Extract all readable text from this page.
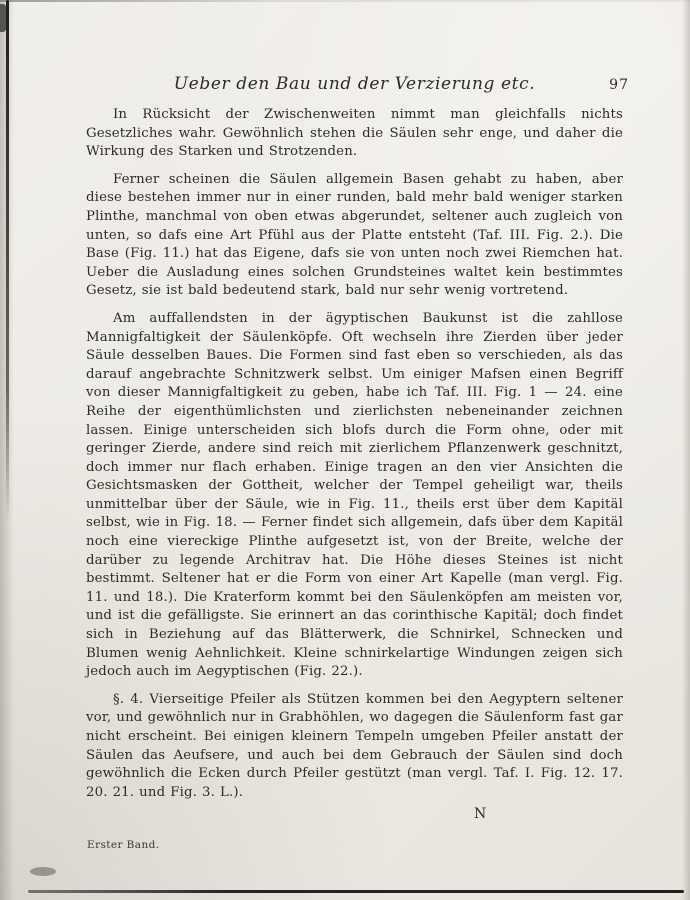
Ueber den Bau und der Verzierung etc.	97

In Rücksicht der Zwischenweiten nimmt man gleichfalls nichts Gesetzliches wahr. Gewöhnlich stehen die Säulen sehr enge, und daher die Wirkung des Starken und Strotzenden.

Ferner scheinen die Säulen allgemein Basen gehabt zu haben, aber diese bestehen immer nur in einer runden, bald mehr bald weniger starken Plinthe, manchmal von oben etwas abgerundet, seltener auch zugleich von unten, so dafs eine Art Pfühl aus der Platte entsteht (Taf. III. Fig. 2.). Die Base (Fig. 11.) hat das Eigene, dafs sie von unten noch zwei Riemchen hat. Ueber die Ausladung eines solchen Grundsteines waltet kein bestimmtes Gesetz, sie ist bald bedeutend stark, bald nur sehr wenig vortretend.

Am auffallendsten in der ägyptischen Baukunst ist die zahllose Mannigfaltigkeit der Säulenköpfe. Oft wechseln ihre Zierden über jeder Säule desselben Baues. Die Formen sind fast eben so verschieden, als das darauf angebrachte Schnitzwerk selbst. Um einiger Mafsen einen Begriff von dieser Mannigfaltigkeit zu geben, habe ich Taf. III. Fig. 1 — 24. eine Reihe der eigenthümlichsten und zierlichsten nebeneinander zeichnen lassen. Einige unterscheiden sich blofs durch die Form ohne, oder mit geringer Zierde, andere sind reich mit zierlichem Pflanzenwerk geschnitzt, doch immer nur flach erhaben. Einige tragen an den vier Ansichten die Gesichtsmasken der Gottheit, welcher der Tempel geheiligt war, theils unmittelbar über der Säule, wie in Fig. 11., theils erst über dem Kapitäl selbst, wie in Fig. 18. — Ferner findet sich allgemein, dafs über dem Kapitäl noch eine viereckige Plinthe aufgesetzt ist, von der Breite, welche der darüber zu legende Architrav hat. Die Höhe dieses Steines ist nicht bestimmt. Seltener hat er die Form von einer Art Kapelle (man vergl. Fig. 11. und 18.). Die Kraterform kommt bei den Säulenköpfen am meisten vor, und ist die gefälligste. Sie erinnert an das corinthische Kapitäl; doch findet sich in Beziehung auf das Blätterwerk, die Schnirkel, Schnecken und Blumen wenig Aehnlichkeit. Kleine schnirkelartige Windungen zeigen sich jedoch auch im Aegyptischen (Fig. 22.).

§. 4. Vierseitige Pfeiler als Stützen kommen bei den Aegyptern seltener vor, und gewöhnlich nur in Grabhöhlen, wo dagegen die Säulenform fast gar nicht erscheint. Bei einigen kleinern Tempeln umgeben Pfeiler anstatt der Säulen das Aeufsere, und auch bei dem Gebrauch der Säulen sind doch gewöhnlich die Ecken durch Pfeiler gestützt (man vergl. Taf. I. Fig. 12. 17. 20. 21. und Fig. 3. L.).

N
Erster Band.
